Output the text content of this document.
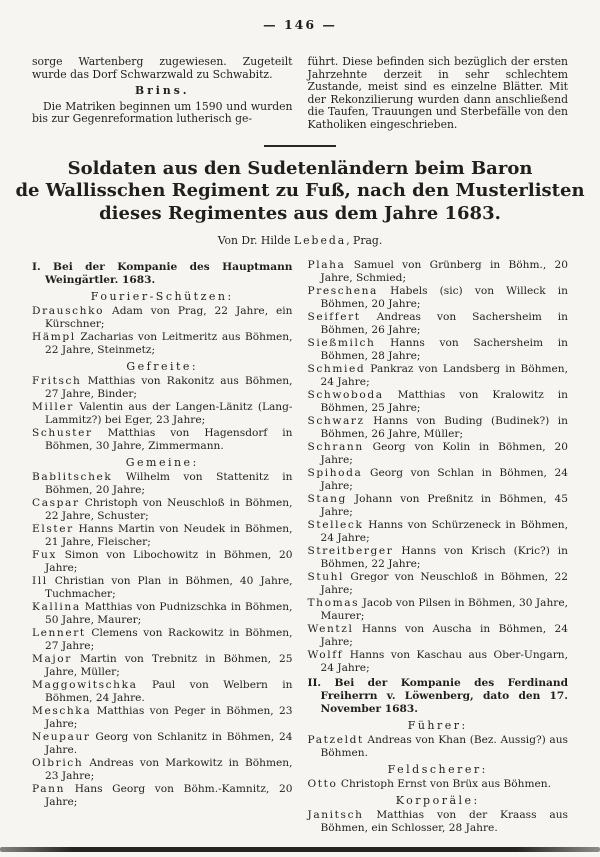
— 146 —

sorge Wartenberg zugewiesen. Zugeteilt wurde das Dorf Schwarzwald zu Schwabitz.

Brins.

Die Matriken beginnen um 1590 und wurden bis zur Gegenreformation lutherisch ge-

führt. Diese befinden sich bezüglich der ersten Jahrzehnte derzeit in sehr schlechtem Zustande, meist sind es einzelne Blätter. Mit der Rekonzilierung wurden dann anschließend die Taufen, Trauungen und Sterbefälle von den Katholiken eingeschrieben.

Soldaten aus den Sudetenländern beim Baron
de Wallisschen Regiment zu Fuß, nach den Musterlisten
dieses Regimentes aus dem Jahre 1683.
Von Dr. Hilde Lebeda, Prag.

I. Bei der Kompanie des Hauptmann Weingärtler. 1683.

Fourier-Schützen:

Drauschko Adam von Prag, 22 Jahre, ein Kürschner;

Hämpl Zacharias von Leitmeritz aus Böhmen, 22 Jahre, Steinmetz;

Gefreite:

Fritsch Matthias von Rakonitz aus Böhmen, 27 Jahre, Binder;

Miller Valentin aus der Langen-Länitz (Lang-Lammitz?) bei Eger, 23 Jahre;

Schuster Matthias von Hagensdorf in Böhmen, 30 Jahre, Zimmermann.

Gemeine:

Bablitschek Wilhelm von Stattenitz in Böhmen, 20 Jahre;

Caspar Christoph von Neuschloß in Böhmen, 22 Jahre, Schuster;

Elster Hanns Martin von Neudek in Böhmen, 21 Jahre, Fleischer;

Fux Simon von Libochowitz in Böhmen, 20 Jahre;

Ill Christian von Plan in Böhmen, 40 Jahre, Tuchmacher;

Kallina Matthias von Pudnizschka in Böhmen, 50 Jahre, Maurer;

Lennert Clemens von Rackowitz in Böhmen, 27 Jahre;

Major Martin von Trebnitz in Böhmen, 25 Jahre, Müller;

Maggowitschka Paul von Welbern in Böhmen, 24 Jahre.

Meschka Matthias von Peger in Böhmen, 23 Jahre;

Neupaur Georg von Schlanitz in Böhmen, 24 Jahre.

Olbrich Andreas von Markowitz in Böhmen, 23 Jahre;

Pann Hans Georg von Böhm.-Kamnitz, 20 Jahre;

Plaha Samuel von Grünberg in Böhm., 20 Jahre, Schmied;

Preschena Habels (sic) von Willeck in Böhmen, 20 Jahre;

Seiffert Andreas von Sachersheim in Böhmen, 26 Jahre;

Sießmilch Hanns von Sachersheim in Böhmen, 28 Jahre;

Schmied Pankraz von Landsberg in Böhmen, 24 Jahre;

Schwoboda Matthias von Kralowitz in Böhmen, 25 Jahre;

Schwarz Hanns von Buding (Budinek?) in Böhmen, 26 Jahre, Müller;

Schrann Georg von Kolin in Böhmen, 20 Jahre;

Spihoda Georg von Schlan in Böhmen, 24 Jahre;

Stang Johann von Preßnitz in Böhmen, 45 Jahre;

Stelleck Hanns von Schürzeneck in Böhmen, 24 Jahre;

Streitberger Hanns von Krisch (Kric?) in Böhmen, 22 Jahre;

Stuhl Gregor von Neuschloß in Böhmen, 22 Jahre;

Thomas Jacob von Pilsen in Böhmen, 30 Jahre, Maurer;

Wentzl Hanns von Auscha in Böhmen, 24 Jahre;

Wolff Hanns von Kaschau aus Ober-Ungarn, 24 Jahre;

II. Bei der Kompanie des Ferdinand Freiherrn v. Löwenberg, dato den 17. November 1683.

Führer:

Patzeldt Andreas von Khan (Bez. Aussig?) aus Böhmen.

Feldscherer:

Otto Christoph Ernst von Brüx aus Böhmen.

Korporäle:

Janitsch Matthias von der Kraass aus Böhmen, ein Schlosser, 28 Jahre.
